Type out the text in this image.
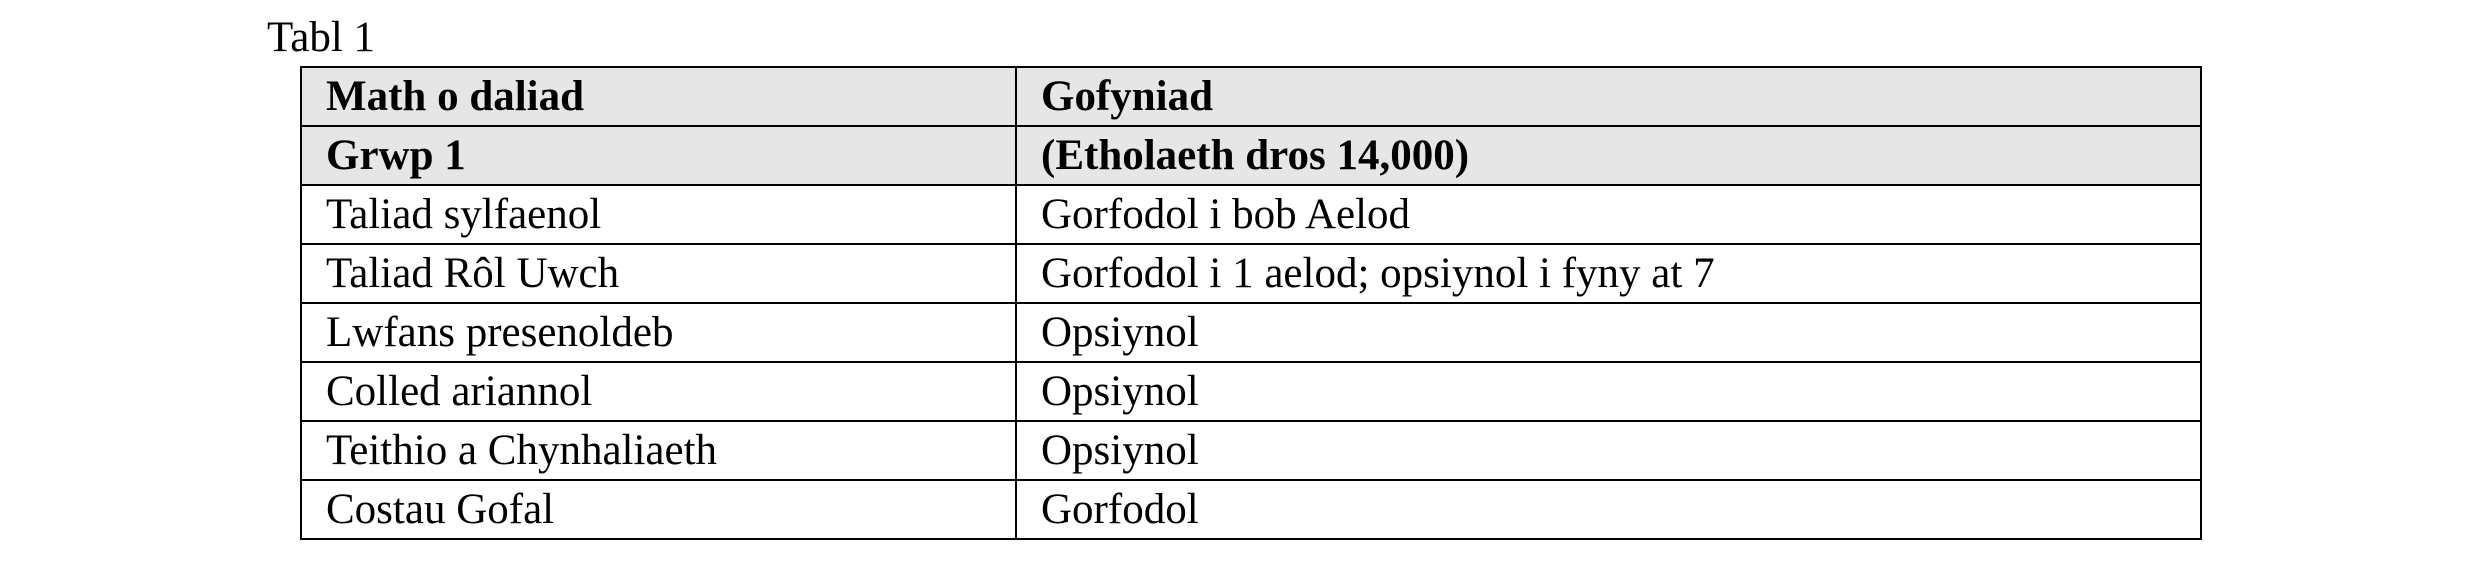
Tabl 1
Math o daliad	Gofyniad
Grwp 1	(Etholaeth dros 14,000)
Taliad sylfaenol	Gorfodol i bob Aelod
Taliad Rôl Uwch	Gorfodol i 1 aelod; opsiynol i fyny at 7
Lwfans presenoldeb	Opsiynol
Colled ariannol	Opsiynol
Teithio a Chynhaliaeth	Opsiynol
Costau Gofal	Gorfodol
